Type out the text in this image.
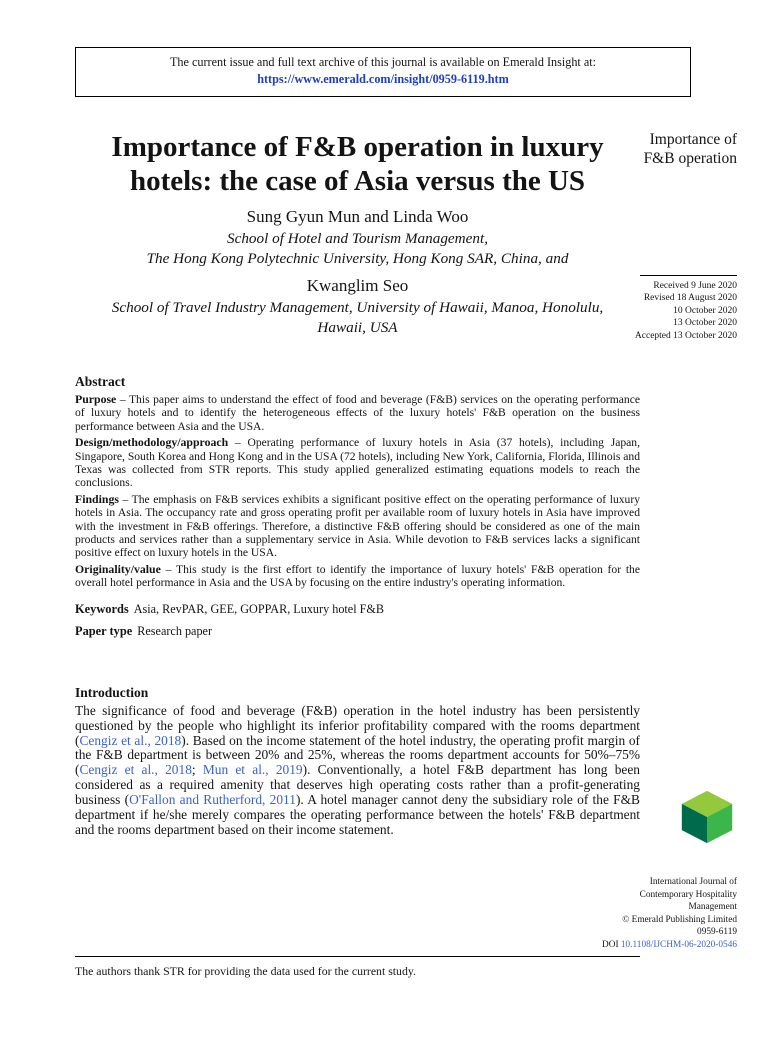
The current issue and full text archive of this journal is available on Emerald Insight at:
https://www.emerald.com/insight/0959-6119.htm
Importance of F&B operation in luxury hotels: the case of Asia versus the US
Sung Gyun Mun and Linda Woo
School of Hotel and Tourism Management,
The Hong Kong Polytechnic University, Hong Kong SAR, China, and
Kwanglim Seo
School of Travel Industry Management, University of Hawaii, Manoa, Honolulu,
Hawaii, USA
Abstract

Purpose – This paper aims to understand the effect of food and beverage (F&B) services on the operating performance of luxury hotels and to identify the heterogeneous effects of the luxury hotels' F&B operation on the business performance between Asia and the USA.

Design/methodology/approach – Operating performance of luxury hotels in Asia (37 hotels), including Japan, Singapore, South Korea and Hong Kong and in the USA (72 hotels), including New York, California, Florida, Illinois and Texas was collected from STR reports. This study applied generalized estimating equations models to reach the conclusions.

Findings – The emphasis on F&B services exhibits a significant positive effect on the operating performance of luxury hotels in Asia. The occupancy rate and gross operating profit per available room of luxury hotels in Asia have improved with the investment in F&B offerings. Therefore, a distinctive F&B offering should be considered as one of the main products and services rather than a supplementary service in Asia. While devotion to F&B services lacks a significant positive effect on luxury hotels in the USA.

Originality/value – This study is the first effort to identify the importance of luxury hotels' F&B operation for the overall hotel performance in Asia and the USA by focusing on the entire industry's operating information.

Keywords Asia, RevPAR, GEE, GOPPAR, Luxury hotel F&B
Paper type Research paper
Introduction

The significance of food and beverage (F&B) operation in the hotel industry has been persistently questioned by the people who highlight its inferior profitability compared with the rooms department (Cengiz et al., 2018). Based on the income statement of the hotel industry, the operating profit margin of the F&B department is between 20% and 25%, whereas the rooms department accounts for 50%–75% (Cengiz et al., 2018; Mun et al., 2019). Conventionally, a hotel F&B department has long been considered as a required amenity that deserves high operating costs rather than a profit-generating business (O'Fallon and Rutherford, 2011). A hotel manager cannot deny the subsidiary role of the F&B department if he/she merely compares the operating performance between the hotels' F&B department and the rooms department based on their income statement.

Importance of F&B operation
Received 9 June 2020
Revised 18 August 2020
10 October 2020
13 October 2020
Accepted 13 October 2020
International Journal of
Contemporary Hospitality
Management
© Emerald Publishing Limited
0959-6119
DOI 10.1108/IJCHM-06-2020-0546
The authors thank STR for providing the data used for the current study.
